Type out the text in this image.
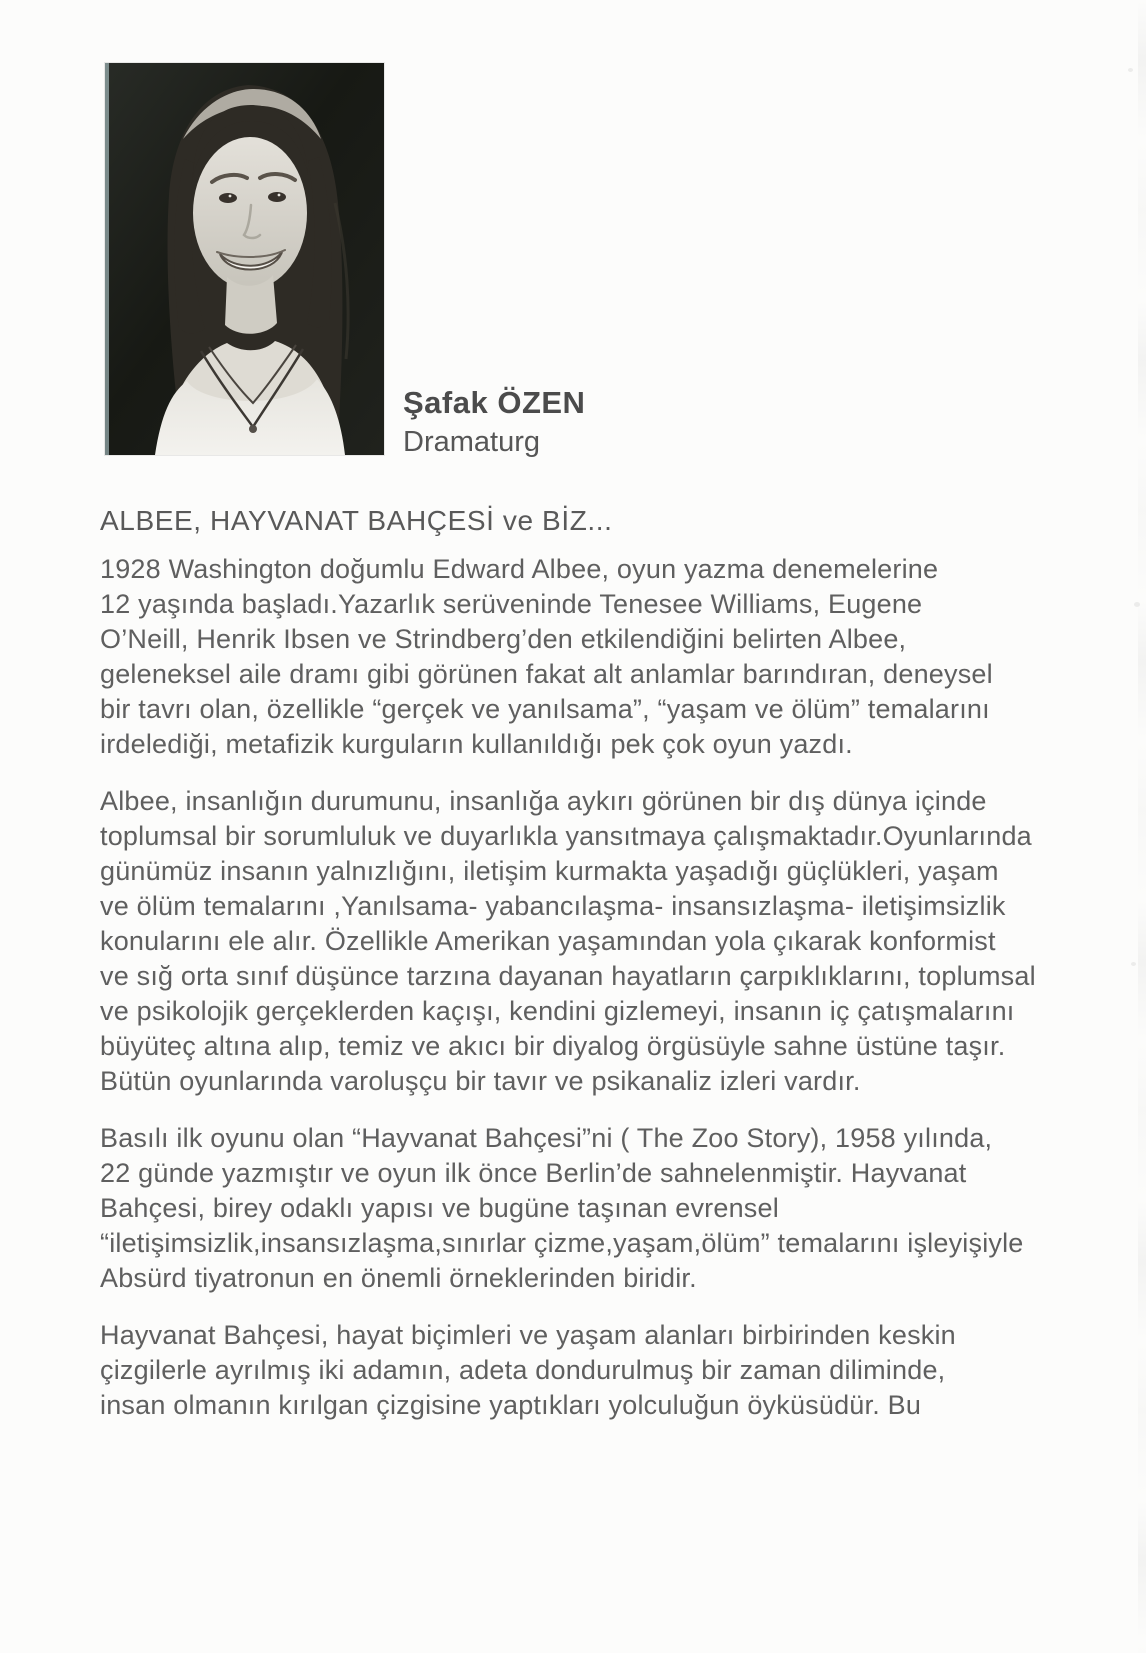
Şafak ÖZEN
Dramaturg
ALBEE, HAYVANAT BAHÇESİ ve BİZ...

1928 Washington doğumlu Edward Albee, oyun yazma denemelerine
12 yaşında başladı.Yazarlık serüveninde Tenesee Williams, Eugene
O’Neill, Henrik Ibsen ve Strindberg’den etkilendiğini belirten Albee,
geleneksel aile dramı gibi görünen fakat alt anlamlar barındıran, deneysel
bir tavrı olan, özellikle “gerçek ve yanılsama”, “yaşam ve ölüm” temalarını
irdelediği, metafizik kurguların kullanıldığı pek çok oyun yazdı.

Albee, insanlığın durumunu, insanlığa aykırı görünen bir dış dünya içinde
toplumsal bir sorumluluk ve duyarlıkla yansıtmaya çalışmaktadır.Oyunlarında
günümüz insanın yalnızlığını, iletişim kurmakta yaşadığı güçlükleri, yaşam
ve ölüm temalarını ,Yanılsama- yabancılaşma- insansızlaşma- iletişimsizlik
konularını ele alır. Özellikle Amerikan yaşamından yola çıkarak konformist
ve sığ orta sınıf düşünce tarzına dayanan hayatların çarpıklıklarını, toplumsal
ve psikolojik gerçeklerden kaçışı, kendini gizlemeyi, insanın iç çatışmalarını
büyüteç altına alıp, temiz ve akıcı bir diyalog örgüsüyle sahne üstüne taşır.
Bütün oyunlarında varoluşçu bir tavır ve psikanaliz izleri vardır.

Basılı ilk oyunu olan “Hayvanat Bahçesi”ni ( The Zoo Story), 1958 yılında,
22 günde yazmıştır ve oyun ilk önce Berlin’de sahnelenmiştir. Hayvanat
Bahçesi, birey odaklı yapısı ve bugüne taşınan evrensel
“iletişimsizlik,insansızlaşma,sınırlar çizme,yaşam,ölüm” temalarını işleyişiyle
Absürd tiyatronun en önemli örneklerinden biridir.

Hayvanat Bahçesi, hayat biçimleri ve yaşam alanları birbirinden keskin
çizgilerle ayrılmış iki adamın, adeta dondurulmuş bir zaman diliminde,
insan olmanın kırılgan çizgisine yaptıkları yolculuğun öyküsüdür. Bu
